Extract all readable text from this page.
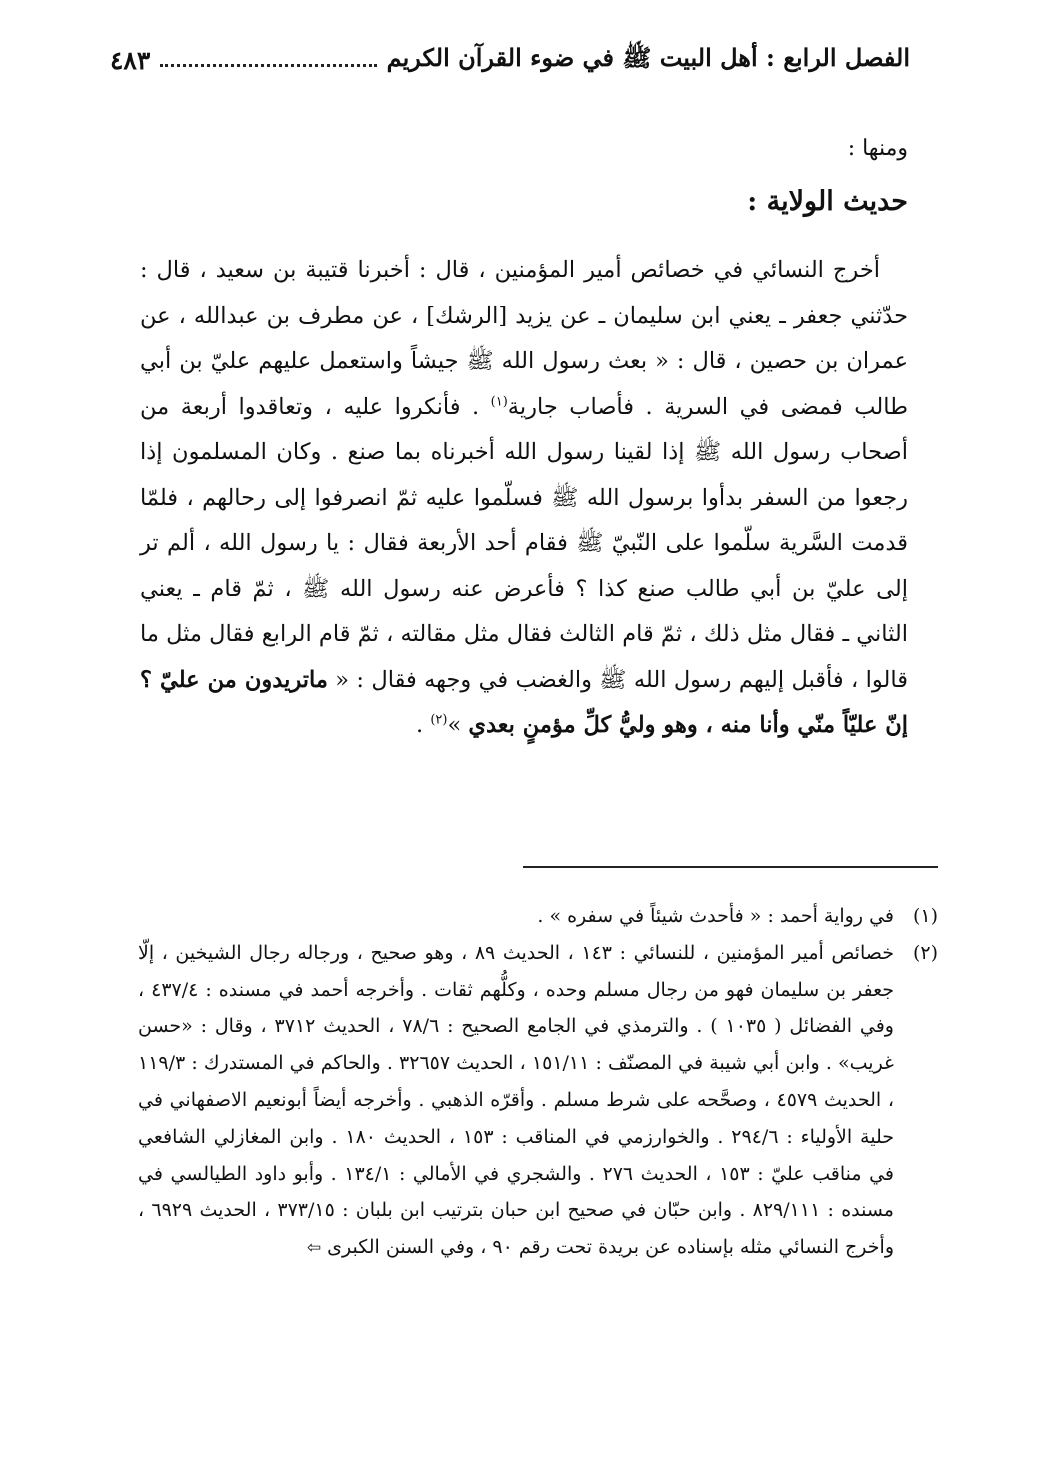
الفصل الرابع : أهل البيت ﷺ في ضوء القرآن الكريم
٤٨٣
ومنها :
حديث الولاية :

أخرج النسائي في خصائص أمير المؤمنين ، قال : أخبرنا قتيبة بن سعيد ، قال : حدّثني جعفر ـ يعني ابن سليمان ـ عن يزيد [الرشك] ، عن مطرف بن عبدالله ، عن عمران بن حصين ، قال : « بعث رسول الله ﷺ جيشاً واستعمل عليهم عليّ بن أبي طالب فمضى في السرية . فأصاب جارية$^{(١)}$ . فأنكروا عليه ، وتعاقدوا أربعة من أصحاب رسول الله ﷺ إذا لقينا رسول الله أخبرناه بما صنع . وكان المسلمون إذا رجعوا من السفر بدأوا برسول الله ﷺ فسلّموا عليه ثمّ انصرفوا إلى رحالهم ، فلمّا قدمت السَّرية سلّموا على النّبيّ ﷺ فقام أحد الأربعة فقال : يا رسول الله ، ألم تر إلى عليّ بن أبي طالب صنع كذا ؟ فأعرض عنه رسول الله ﷺ ، ثمّ قام ـ يعني الثاني ـ فقال مثل ذلك ، ثمّ قام الثالث فقال مثل مقالته ، ثمّ قام الرابع فقال مثل ما قالوا ، فأقبل إليهم رسول الله ﷺ والغضب في وجهه فقال : « ماتريدون من عليّ ؟ إنّ عليّاً منّي وأنا منه ، وهو وليُّ كلِّ مؤمنٍ بعدي »$^{(٢)}$ .

(١)
في رواية أحمد : « فأحدث شيئاً في سفره » .
(٢)
خصائص أمير المؤمنين ، للنسائي : ١٤٣ ، الحديث ٨٩ ، وهو صحيح ، ورجاله رجال الشيخين ، إلّا جعفر بن سليمان فهو من رجال مسلم وحده ، وكلُّهم ثقات . وأخرجه أحمد في مسنده : ٤٣٧/٤ ، وفي الفضائل ( ١٠٣٥ ) . والترمذي في الجامع الصحيح : ٧٨/٦ ، الحديث ٣٧١٢ ، وقال : «حسن غريب» . وابن أبي شيبة في المصنّف : ١٥١/١١ ، الحديث ٣٢٦٥٧ . والحاكم في المستدرك : ١١٩/٣ ، الحديث ٤٥٧٩ ، وصحَّحه على شرط مسلم . وأقرّه الذهبي . وأخرجه أيضاً أبونعيم الاصفهاني في حلية الأولياء : ٢٩٤/٦ . والخوارزمي في المناقب : ١٥٣ ، الحديث ١٨٠ . وابن المغازلي الشافعي في مناقب عليّ : ١٥٣ ، الحديث ٢٧٦ . والشجري في الأمالي : ١٣٤/١ . وأبو داود الطيالسي في مسنده : ٨٢٩/١١١ . وابن حبّان في صحيح ابن حبان بترتيب ابن بلبان : ٣٧٣/١٥ ، الحديث ٦٩٢٩ ، وأخرج النسائي مثله بإسناده عن بريدة تحت رقم ٩٠ ، وفي السنن الكبرى ⇦
